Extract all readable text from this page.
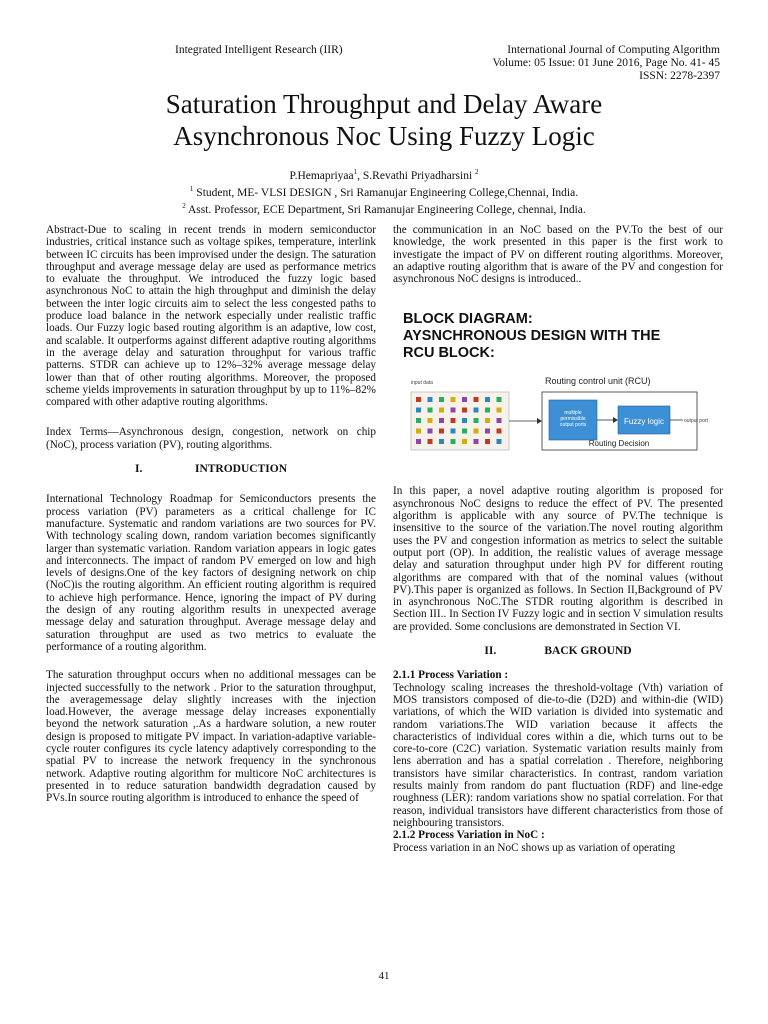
Integrated Intelligent Research (IIR)	International Journal of Computing Algorithm
Volume: 05 Issue: 01 June 2016, Page No. 41- 45
ISSN: 2278-2397
Saturation Throughput and Delay Aware
Asynchronous Noc Using Fuzzy Logic
P.Hemapriyaa$^1$, S.Revathi Priyadharsini $^2$
$^1$ Student, ME- VLSI DESIGN , Sri Ramanujar Engineering College,Chennai, India.
$^2$ Asst. Professor, ECE Department, Sri Ramanujar Engineering College, chennai, India.

Abstract-Due to scaling in recent trends in modern semiconductor industries, critical instance such as voltage spikes, temperature, interlink between IC circuits has been improvised under the design. The saturation throughput and average message delay are used as performance metrics to evaluate the throughput. We introduced the fuzzy logic based asynchronous NoC to attain the high throughput and diminish the delay between the inter logic circuits aim to select the less congested paths to produce load balance in the network especially under realistic traffic loads. Our Fuzzy logic based routing algorithm is an adaptive, low cost, and scalable. It outperforms against different adaptive routing algorithms in the average delay and saturation throughput for various traffic patterns. STDR can achieve up to 12%–32% average message delay lower than that of other routing algorithms. Moreover, the proposed scheme yields improvements in saturation throughput by up to 11%–82% compared with other adaptive routing algorithms.

Index Terms—Asynchronous design, congestion, network on chip (NoC), process variation (PV), routing algorithms.

I.	INTRODUCTION

International Technology Roadmap for Semiconductors presents the process variation (PV) parameters as a critical challenge for IC manufacture. Systematic and random variations are two sources for PV. With technology scaling down, random variation becomes significantly larger than systematic variation. Random variation appears in logic gates and interconnects. The impact of random PV emerged on low and high levels of designs.One of the key factors of designing network on chip (NoC)is the routing algorithm. An efficient routing algorithm is required to achieve high performance. Hence, ignoring the impact of PV during the design of any routing algorithm results in unexpected average message delay and saturation throughput. Average message delay and saturation throughput are used as two metrics to evaluate the performance of a routing algorithm.

The saturation throughput occurs when no additional messages can be injected successfully to the network . Prior to the saturation throughput, the averagemessage delay slightly increases with the injection load.However, the average message delay increases exponentially beyond the network saturation ,.As a hardware solution, a new router design is proposed to mitigate PV impact. In variation-adaptive variable-cycle router configures its cycle latency adaptively corresponding to the spatial PV to increase the network frequency in the synchronous network. Adaptive routing algorithm for multicore NoC architectures is presented in to reduce saturation bandwidth degradation caused by PVs.In source routing algorithm is introduced to enhance the speed of

the communication in an NoC based on the PV.To the best of our knowledge, the work presented in this paper is the first work to investigate the impact of PV on different routing algorithms. Moreover, an adaptive routing algorithm that is aware of the PV and congestion for asynchronous NoC designs is introduced..

BLOCK DIAGRAM:
AYSNCHRONOUS DESIGN WITH THE
RCU BLOCK:
input data	Routing control unit (RCU)
multiple
permissible
output ports	Fuzzy logic	output port
Routing Decision

In this paper, a novel adaptive routing algorithm is proposed for asynchronous NoC designs to reduce the effect of PV. The presented algorithm is applicable with any source of PV.The technique is insensitive to the source of the variation.The novel routing algorithm uses the PV and congestion information as metrics to select the suitable output port (OP). In addition, the realistic values of average message delay and saturation throughput under high PV for different routing algorithms are compared with that of the nominal values (without PV).This paper is organized as follows. In Section II,Background of PV in asynchronous NoC.The STDR routing algorithm is described in Section III.. In Section IV Fuzzy logic and in section V simulation results are provided. Some conclusions are demonstrated in Section VI.

II.	BACK GROUND
2.1.1 Process Variation :

Technology scaling increases the threshold-voltage (Vth) variation of MOS transistors composed of die-to-die (D2D) and within-die (WID) variations, of which the WID variation is divided into systematic and random variations.The WID variation because it affects the characteristics of individual cores within a die, which turns out to be core-to-core (C2C) variation. Systematic variation results mainly from lens aberration and has a spatial correlation . Therefore, neighboring transistors have similar characteristics. In contrast, random variation results mainly from random do pant fluctuation (RDF) and line-edge roughness (LER): random variations show no spatial correlation. For that reason, individual transistors have different characteristics from those of neighbouring transistors.

2.1.2 Process Variation in NoC :

Process variation in an NoC shows up as variation of operating

41
